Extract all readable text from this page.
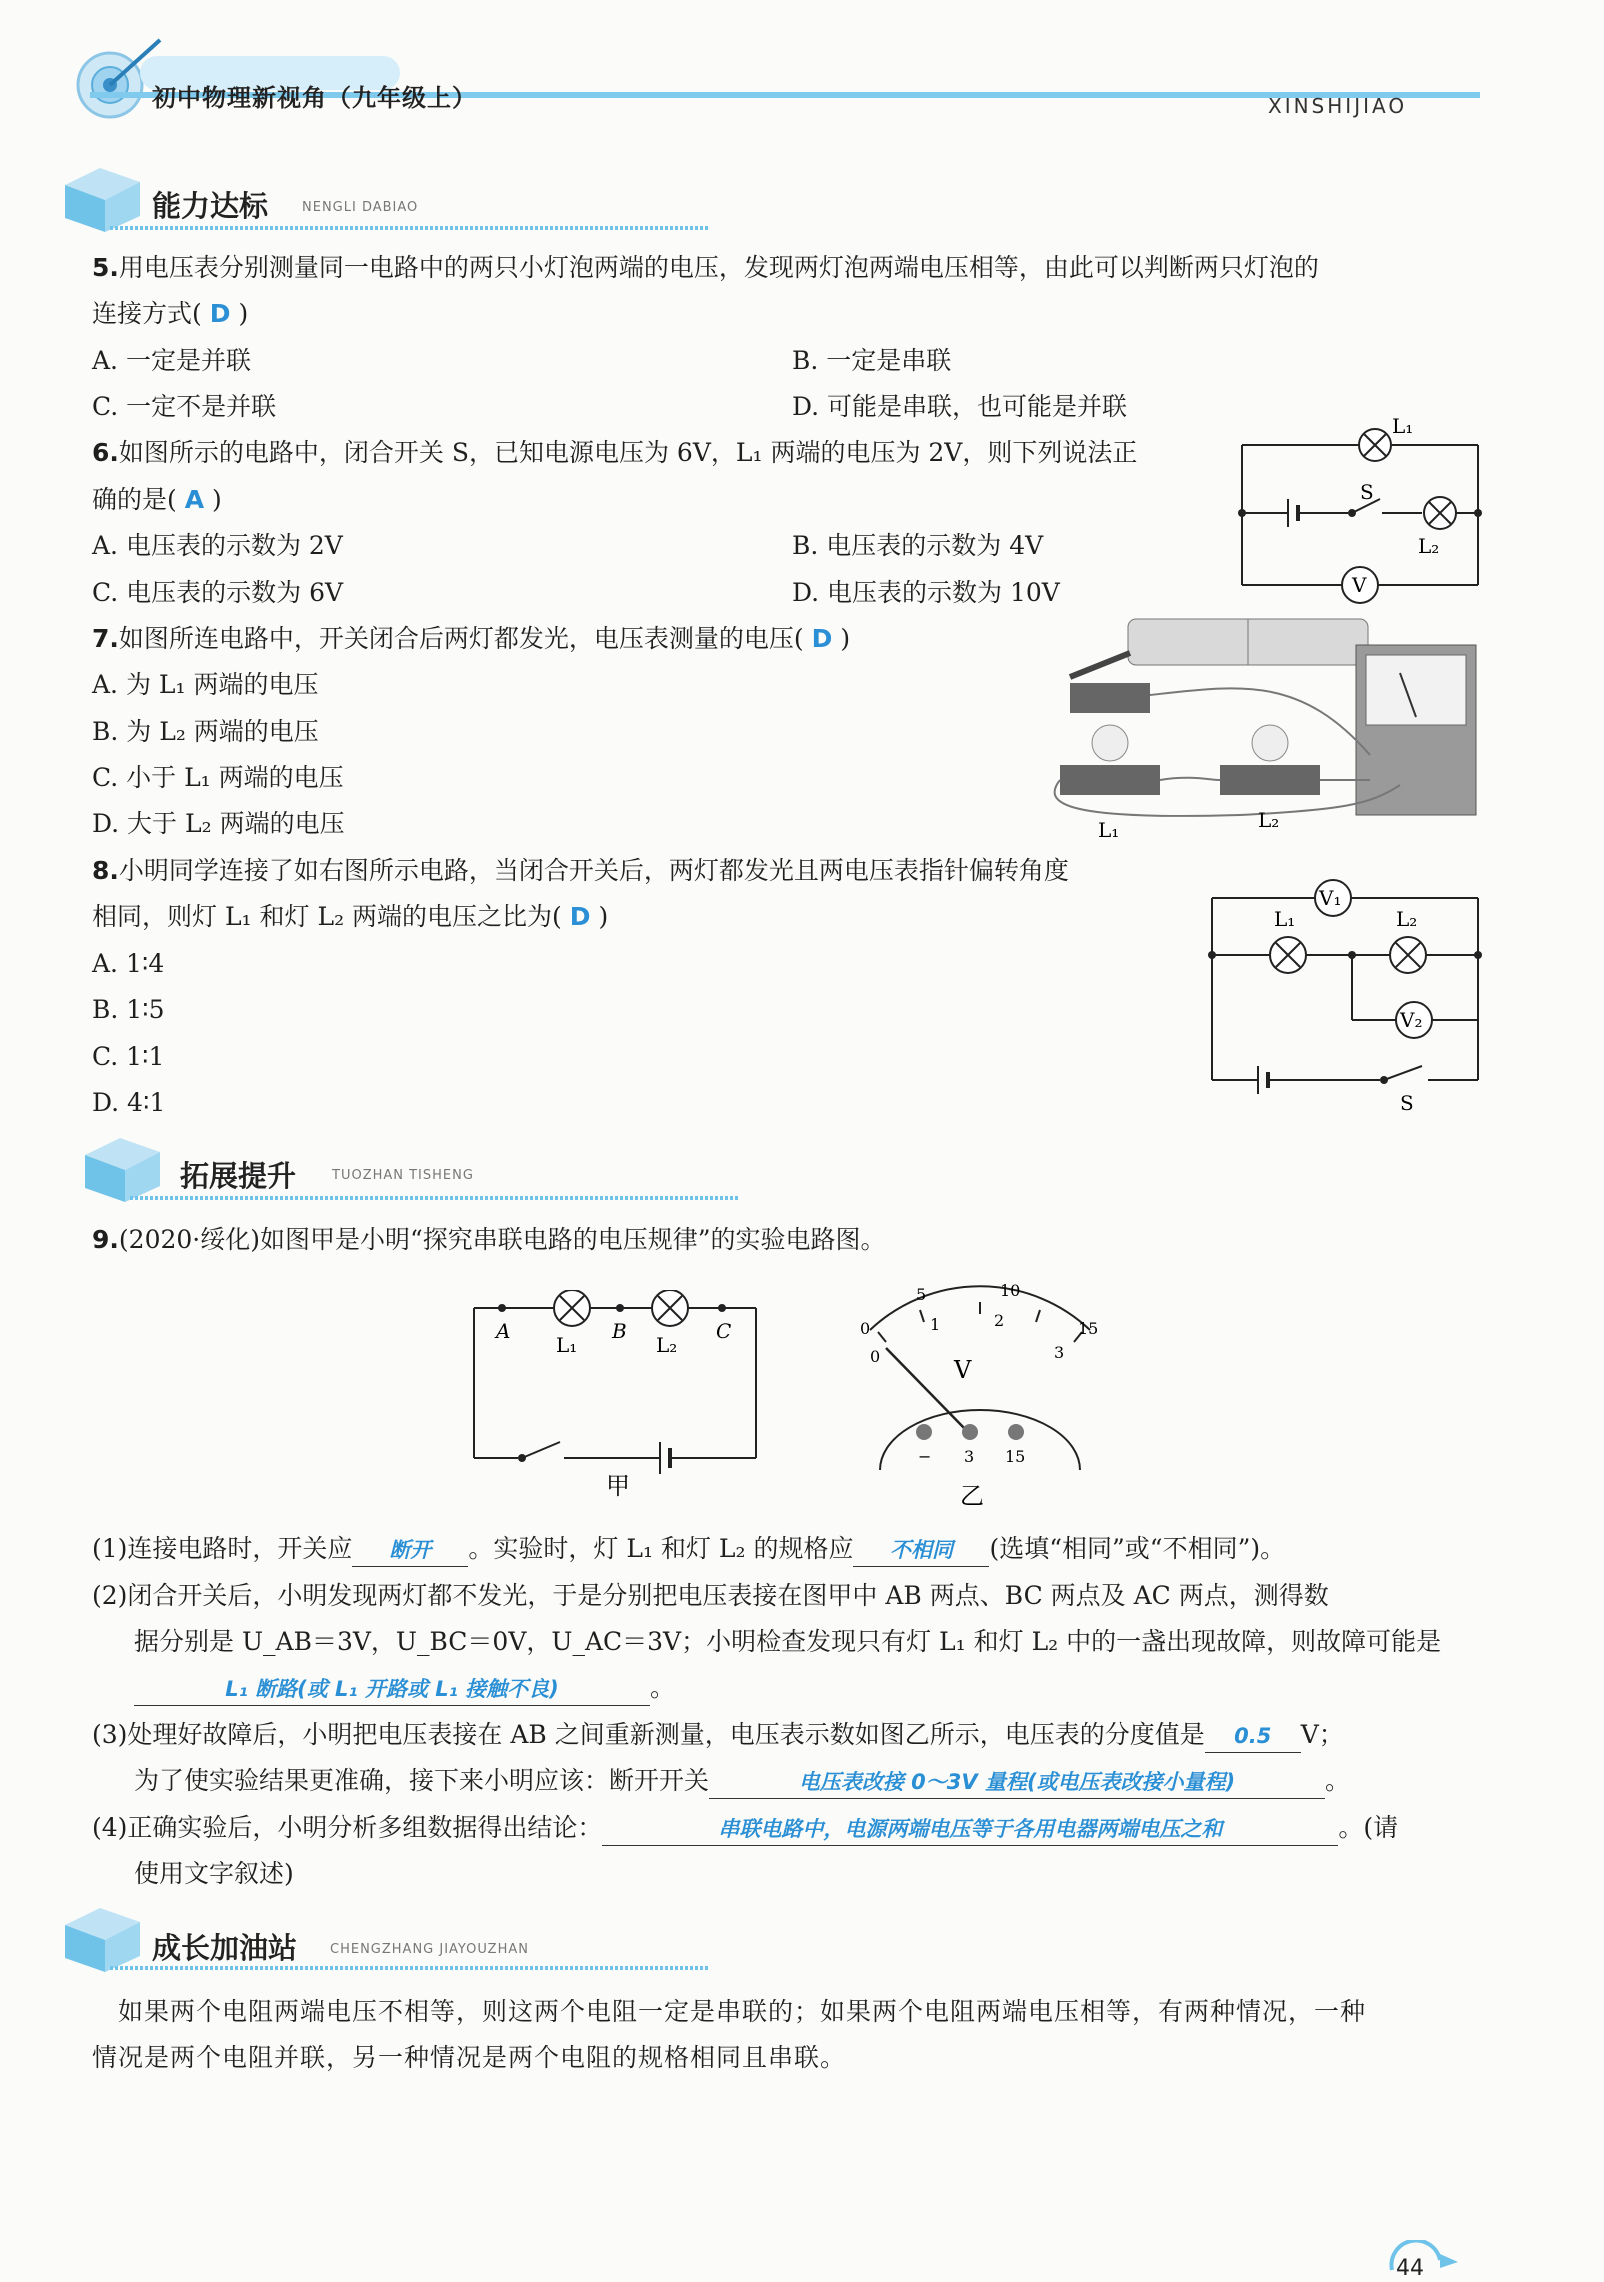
初中物理新视角（九年级上）	XINSHIJIAO
能力达标	NENGLI DABIAO
5.用电压表分别测量同一电路中的两只小灯泡两端的电压，发现两灯泡两端电压相等，由此可以判断两只灯泡的
连接方式( D )
A. 一定是并联	B. 一定是串联
C. 一定不是并联	D. 可能是串联，也可能是并联
6.如图所示的电路中，闭合开关 S，已知电源电压为 6V，L₁ 两端的电压为 2V，则下列说法正
确的是( A )
A. 电压表的示数为 2V	B. 电压表的示数为 4V
C. 电压表的示数为 6V	D. 电压表的示数为 10V
L₁
S
L₂
V
7.如图所连电路中，开关闭合后两灯都发光，电压表测量的电压( D )
A. 为 L₁ 两端的电压
B. 为 L₂ 两端的电压
C. 小于 L₁ 两端的电压
D. 大于 L₂ 两端的电压	L₁	L₂
8.小明同学连接了如右图所示电路，当闭合开关后，两灯都发光且两电压表指针偏转角度
相同，则灯 L₁ 和灯 L₂ 两端的电压之比为( D )
A. 1∶4
B. 1∶5
C. 1∶1
D. 4∶1
V₁
L₁	L₂
V₂
S
拓展提升	TUOZHAN TISHENG
9.(2020·绥化)如图甲是小明“探究串联电路的电压规律”的实验电路图。
A	B	C
L₁	L₂
甲
0
5	10
15
0
1	2
3
V
− 3 15
乙
(1)连接电路时，开关应 断开 。实验时，灯 L₁ 和灯 L₂ 的规格应 不相同 (选填“相同”或“不相同”)。
(2)闭合开关后，小明发现两灯都不发光，于是分别把电压表接在图甲中 AB 两点、BC 两点及 AC 两点，测得数
据分别是 U_AB＝3V，U_BC＝0V，U_AC＝3V；小明检查发现只有灯 L₁ 和灯 L₂ 中的一盏出现故障，则故障可能是
L₁ 断路(或 L₁ 开路或 L₁ 接触不良)	。
(3)处理好故障后，小明把电压表接在 AB 之间重新测量，电压表示数如图乙所示，电压表的分度值是 0.5 V；
为了使实验结果更准确，接下来小明应该：断开开关	电压表改接 0～3V 量程(或电压表改接小量程)	。
(4)正确实验后，小明分析多组数据得出结论：	串联电路中，电源两端电压等于各用电器两端电压之和	。(请
使用文字叙述)
成长加油站	CHENGZHANG JIAYOUZHAN
如果两个电阻两端电压不相等，则这两个电阻一定是串联的；如果两个电阻两端电压相等，有两种情况，一种
情况是两个电阻并联，另一种情况是两个电阻的规格相同且串联。
44
